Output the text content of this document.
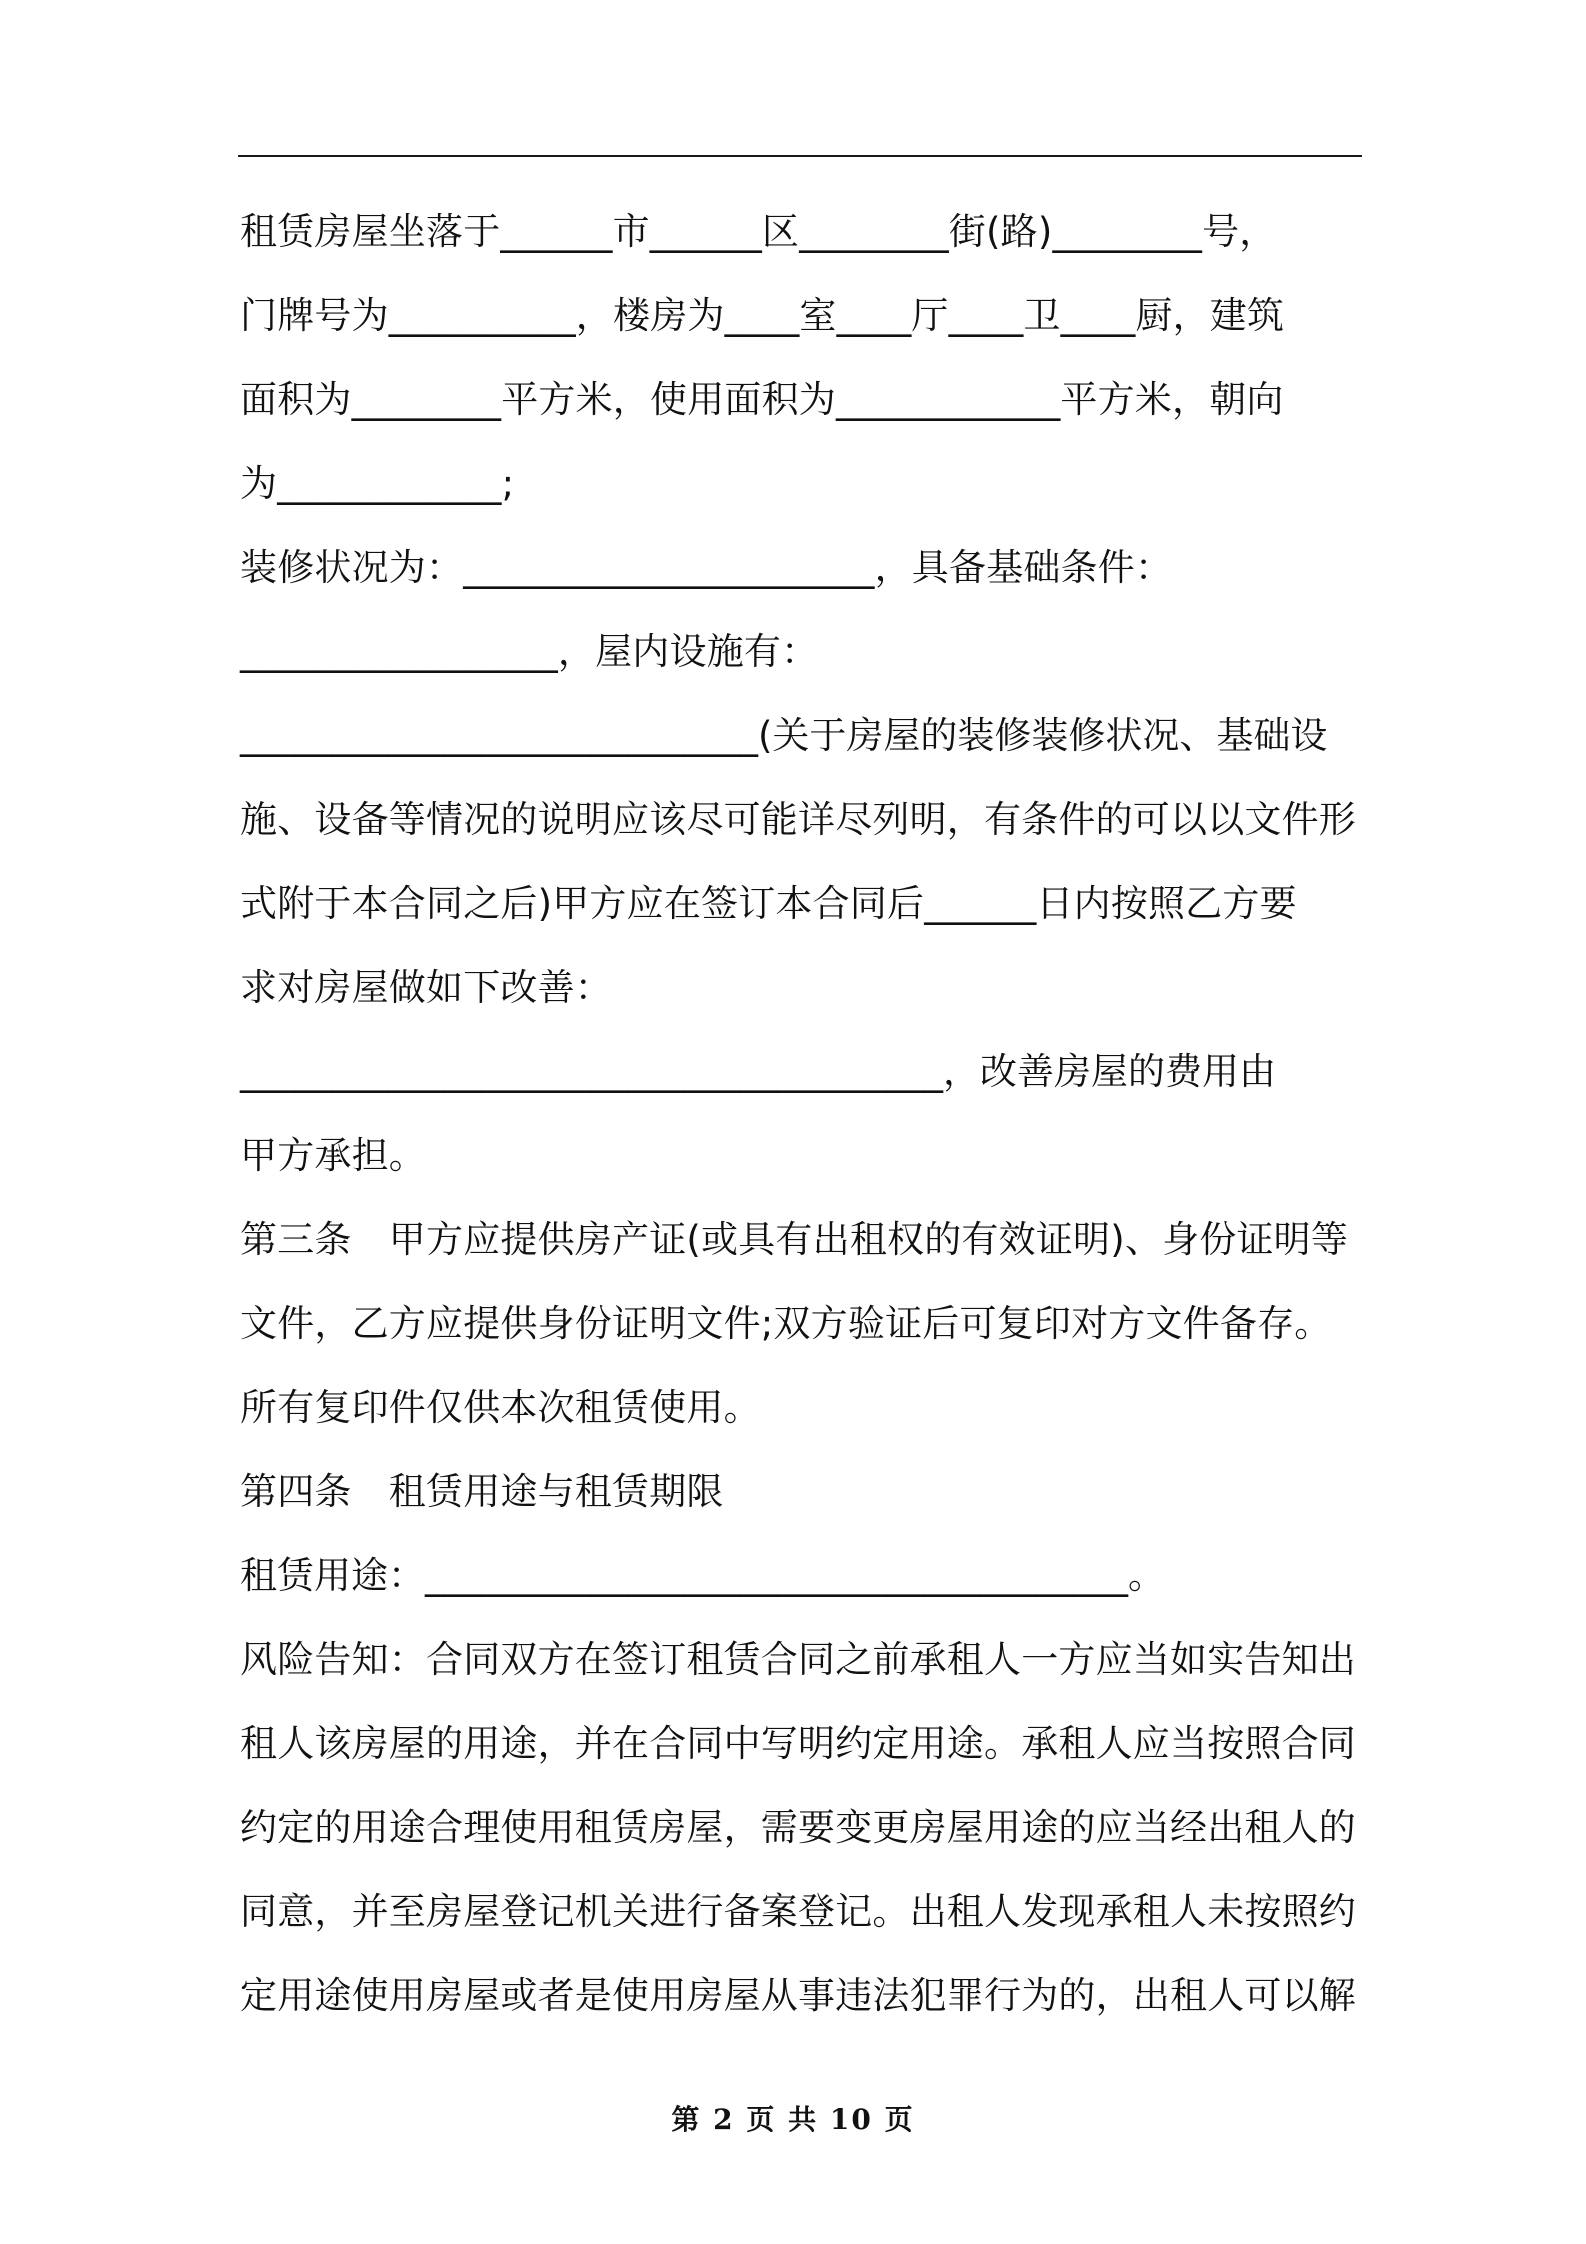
租赁房屋坐落于______市______区________街(路)________号，
门牌号为__________，楼房为____室____厅____卫____厨，建筑
面积为________平方米，使用面积为____________平方米，朝向
为____________;
装修状况为：______________________，具备基础条件：
_________________，屋内设施有：
____________________________(关于房屋的装修装修状况、基础设
施、设备等情况的说明应该尽可能详尽列明，有条件的可以以文件形
式附于本合同之后)甲方应在签订本合同后______日内按照乙方要
求对房屋做如下改善：
______________________________________，改善房屋的费用由
甲方承担。
第三条　甲方应提供房产证(或具有出租权的有效证明)、身份证明等
文件，乙方应提供身份证明文件;双方验证后可复印对方文件备存。
所有复印件仅供本次租赁使用。
第四条　租赁用途与租赁期限
租赁用途：______________________________________。
风险告知：合同双方在签订租赁合同之前承租人一方应当如实告知出
租人该房屋的用途，并在合同中写明约定用途。承租人应当按照合同
约定的用途合理使用租赁房屋，需要变更房屋用途的应当经出租人的
同意，并至房屋登记机关进行备案登记。出租人发现承租人未按照约
定用途使用房屋或者是使用房屋从事违法犯罪行为的，出租人可以解
第 2 页 共 10 页
